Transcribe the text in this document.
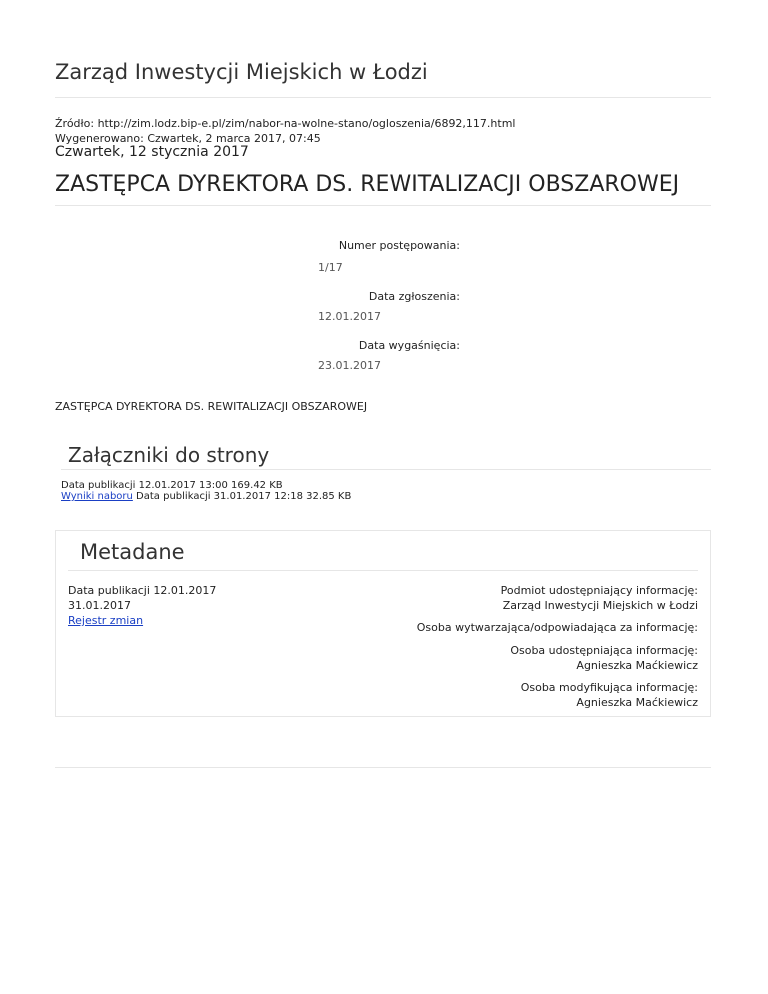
Zarząd Inwestycji Miejskich w Łodzi
Źródło: http://zim.lodz.bip-e.pl/zim/nabor-na-wolne-stano/ogloszenia/6892,117.html
Wygenerowano: Czwartek, 2 marca 2017, 07:45
Czwartek, 12 stycznia 2017
ZASTĘPCA DYREKTORA DS. REWITALIZACJI OBSZAROWEJ
Numer postępowania:
1/17
Data zgłoszenia:
12.01.2017
Data wygaśnięcia:
23.01.2017
ZASTĘPCA DYREKTORA DS. REWITALIZACJI OBSZAROWEJ
Załączniki do strony
Data publikacji 12.01.2017 13:00 169.42 KB
Wyniki naboru Data publikacji 31.01.2017 12:18 32.85 KB
Metadane
Data publikacji 12.01.2017
31.01.2017
Rejestr zmian
Podmiot udostępniający informację:
Zarząd Inwestycji Miejskich w Łodzi
Osoba wytwarzająca/odpowiadająca za informację:
Osoba udostępniająca informację:
Agnieszka Maćkiewicz
Osoba modyfikująca informację:
Agnieszka Maćkiewicz
